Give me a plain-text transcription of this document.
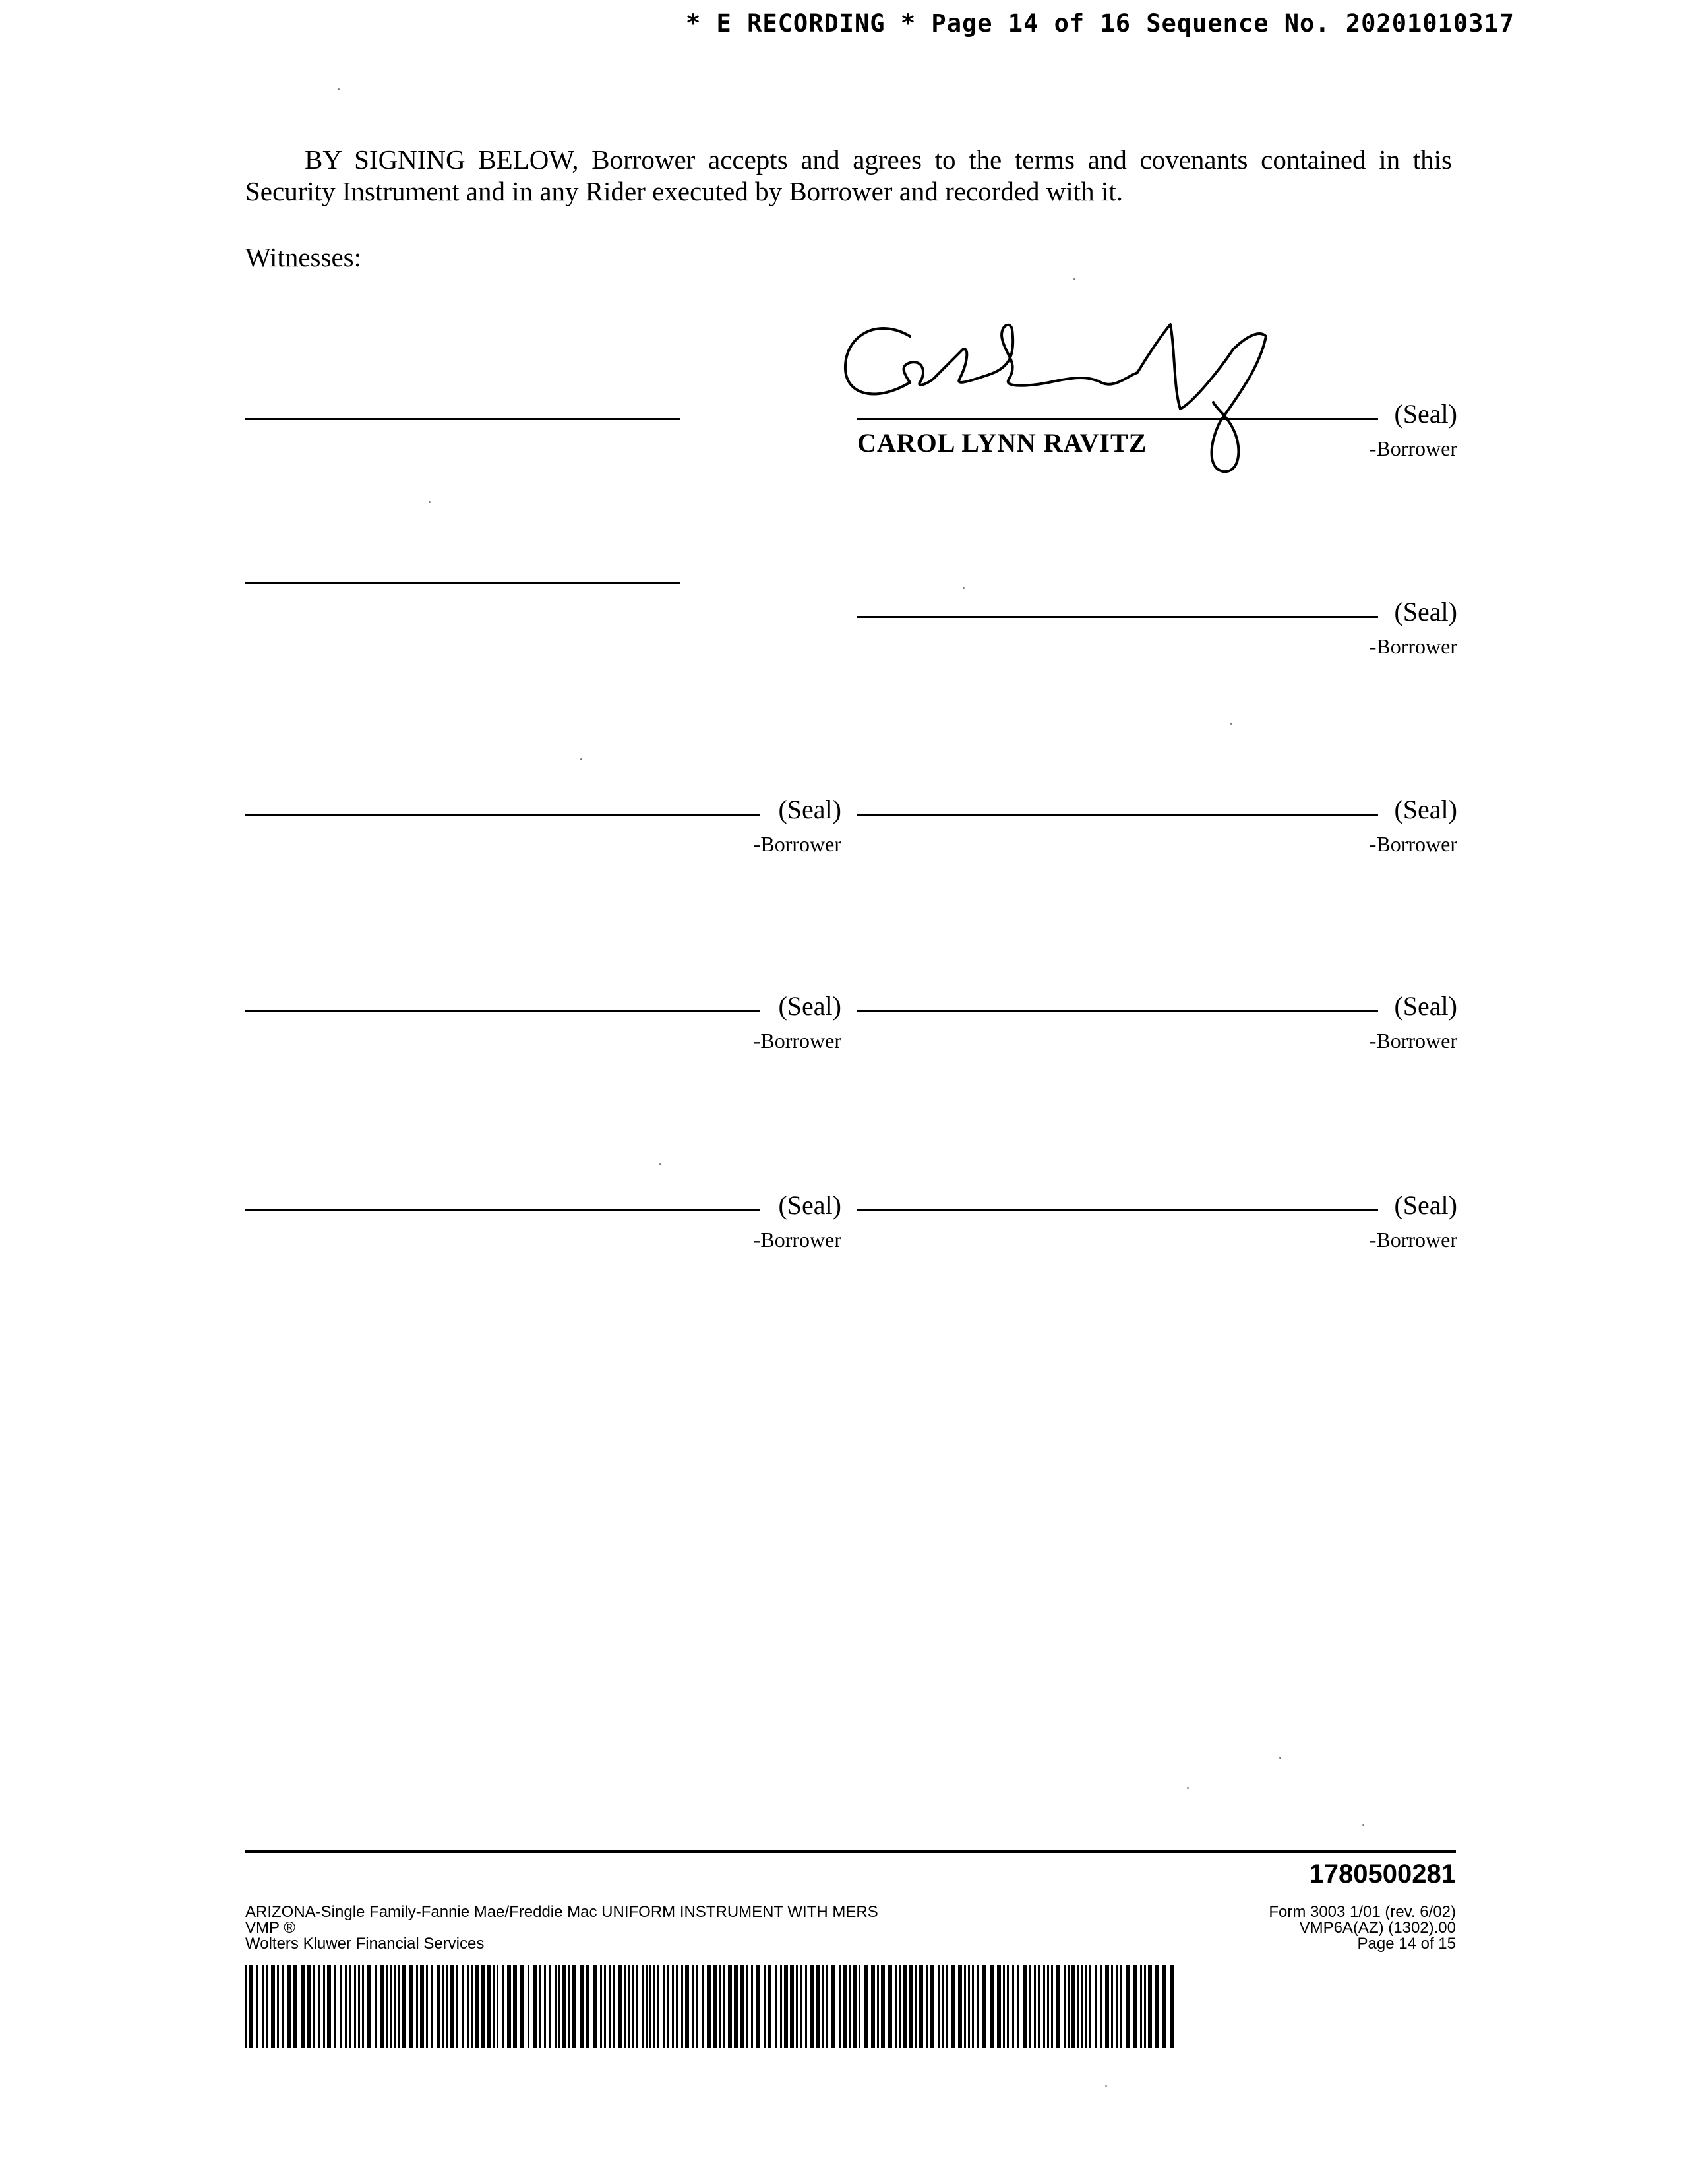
* E RECORDING * Page 14 of 16 Sequence No. 20201010317
BY SIGNING BELOW, Borrower accepts and agrees to the terms and covenants contained in this Security Instrument and in any Rider executed by Borrower and recorded with it.
Witnesses:
(Seal)
-Borrower
CAROL LYNN RAVITZ
(Seal)
-Borrower
(Seal)
-Borrower
(Seal)
-Borrower
(Seal)
-Borrower
(Seal)
-Borrower
(Seal)
-Borrower
(Seal)
-Borrower
1780500281
ARIZONA-Single Family-Fannie Mae/Freddie Mac UNIFORM INSTRUMENT WITH MERS
VMP ®
Wolters Kluwer Financial Services
Form 3003 1/01 (rev. 6/02)
VMP6A(AZ) (1302).00
Page 14 of 15
